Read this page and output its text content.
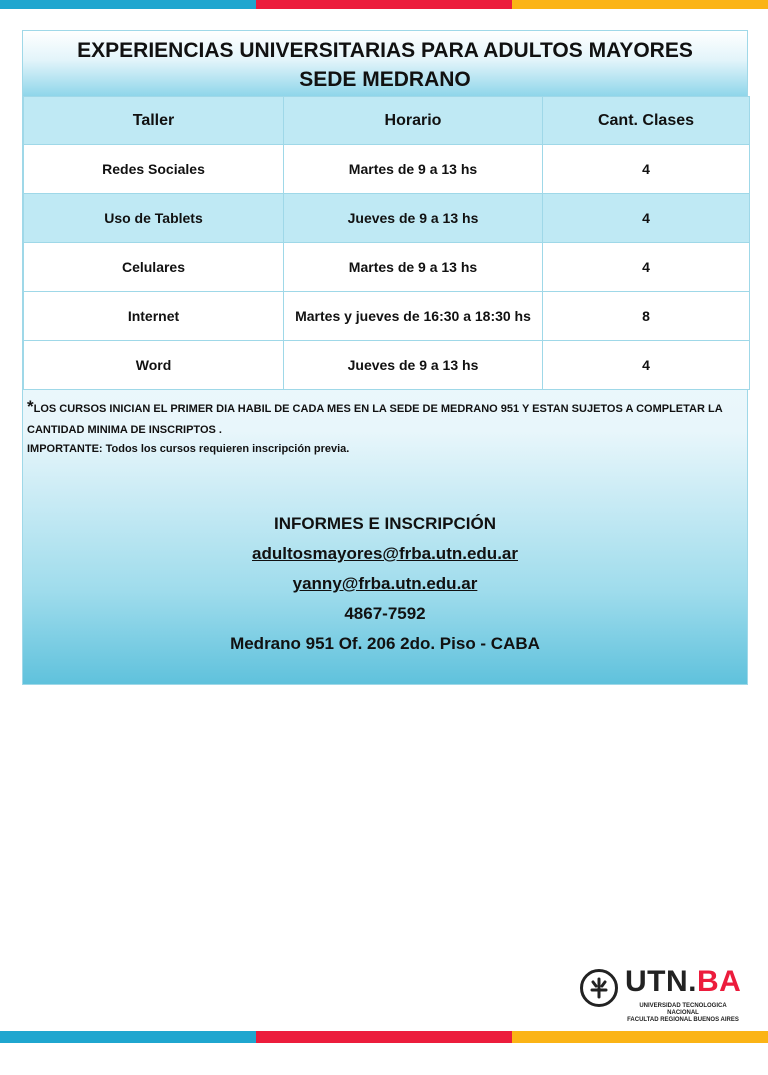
EXPERIENCIAS UNIVERSITARIAS PARA ADULTOS MAYORES
SEDE MEDRANO
Taller	Horario	Cant. Clases
Redes Sociales	Martes de 9 a 13 hs	4
Uso de Tablets	Jueves de 9 a 13 hs	4
Celulares	Martes de 9 a 13 hs	4
Internet	Martes y jueves de 16:30 a 18:30 hs	8
Word	Jueves de 9 a 13 hs	4
*LOS CURSOS INICIAN EL PRIMER DIA HABIL DE CADA MES EN LA SEDE DE MEDRANO 951 Y ESTAN SUJETOS A COMPLETAR LA CANTIDAD MINIMA DE INSCRIPTOS .
IMPORTANTE: Todos los cursos requieren inscripción previa.
INFORMES E INSCRIPCIÓN
adultosmayores@frba.utn.edu.ar
yanny@frba.utn.edu.ar
4867-7592
Medrano 951 Of. 206 2do. Piso - CABA
UTN.BA
UNIVERSIDAD TECNOLOGICA NACIONAL
FACULTAD REGIONAL BUENOS AIRES
